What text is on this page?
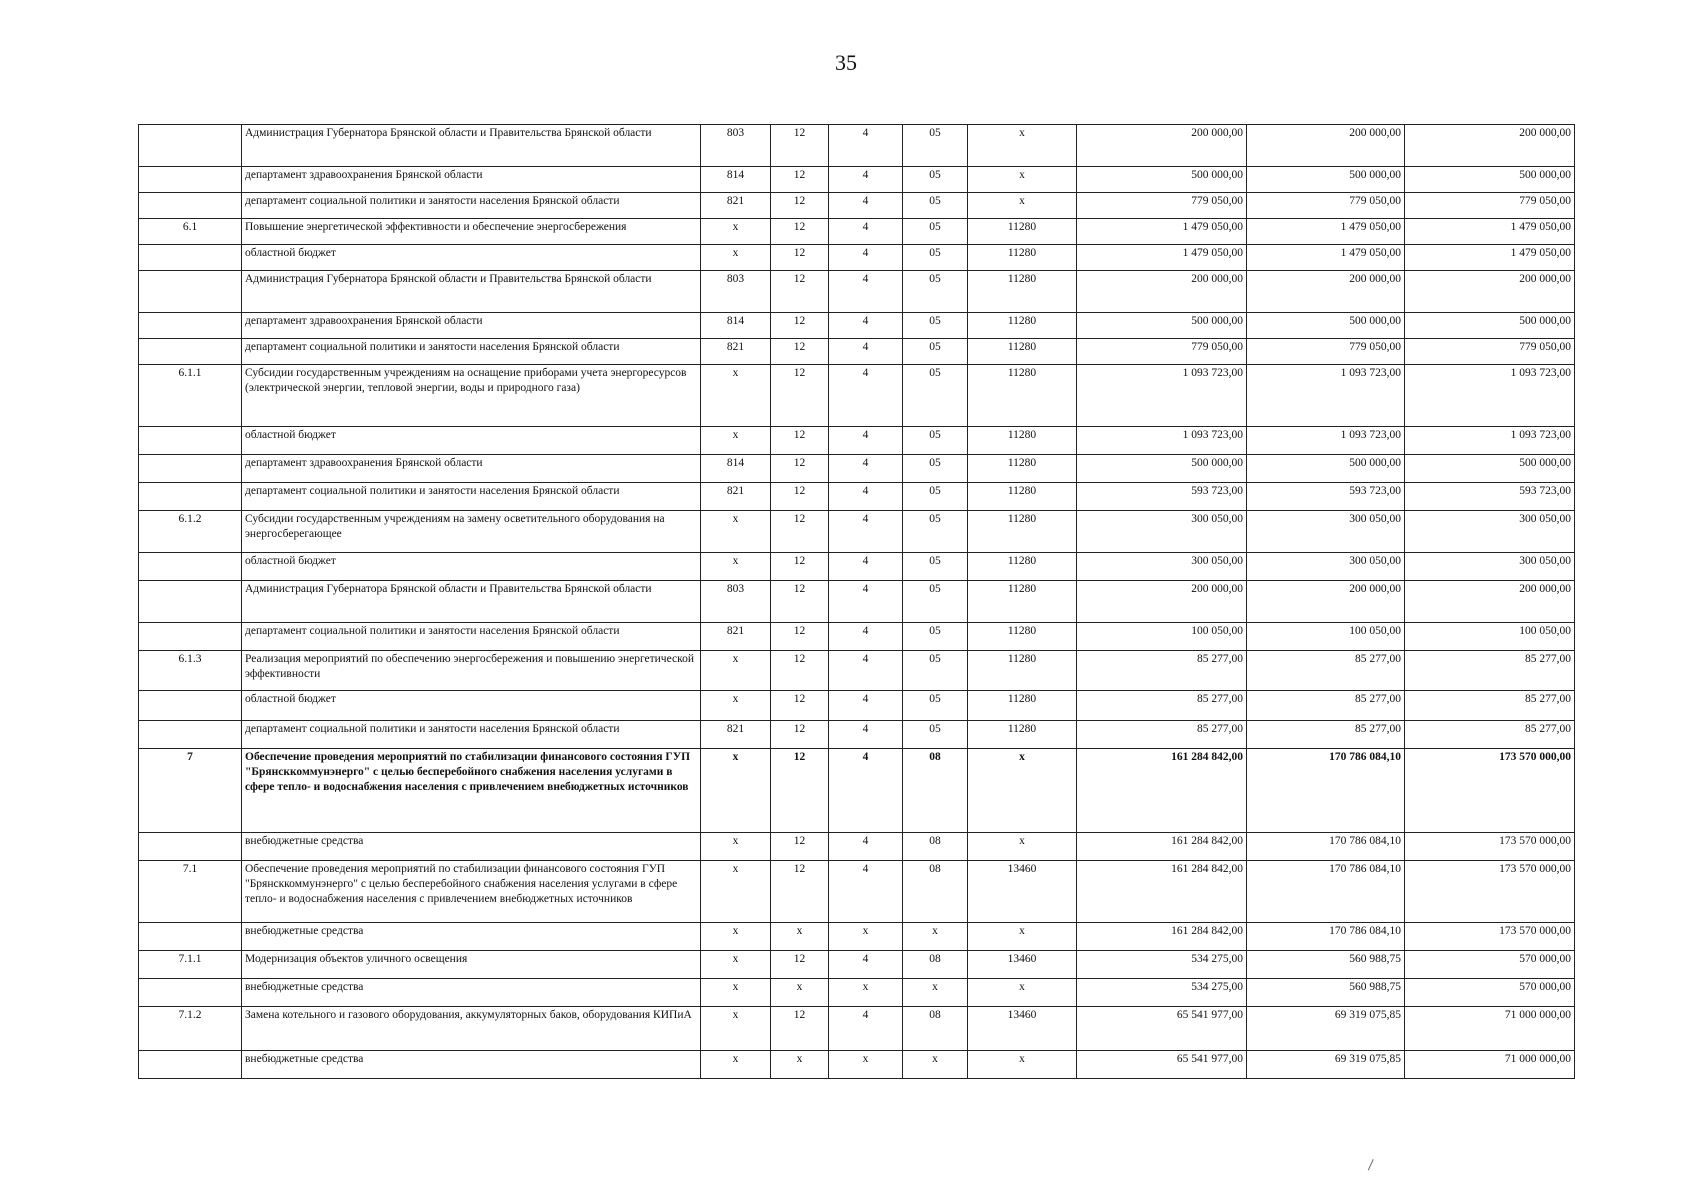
35
	Администрация Губернатора Брянской области и Правительства Брянской области	803	12	4	05	x	200 000,00	200 000,00	200 000,00
	департамент здравоохранения Брянской области	814	12	4	05	x	500 000,00	500 000,00	500 000,00
	департамент социальной политики и занятости населения Брянской области	821	12	4	05	x	779 050,00	779 050,00	779 050,00
6.1	Повышение энергетической эффективности и обеспечение энергосбережения	x	12	4	05	11280	1 479 050,00	1 479 050,00	1 479 050,00
	областной бюджет	x	12	4	05	11280	1 479 050,00	1 479 050,00	1 479 050,00
	Администрация Губернатора Брянской области и Правительства Брянской области	803	12	4	05	11280	200 000,00	200 000,00	200 000,00
	департамент здравоохранения Брянской области	814	12	4	05	11280	500 000,00	500 000,00	500 000,00
	департамент социальной политики и занятости населения Брянской области	821	12	4	05	11280	779 050,00	779 050,00	779 050,00
6.1.1	Субсидии государственным учреждениям на оснащение приборами учета энергоресурсов (электрической энергии, тепловой энергии, воды и природного газа)	x	12	4	05	11280	1 093 723,00	1 093 723,00	1 093 723,00
	областной бюджет	x	12	4	05	11280	1 093 723,00	1 093 723,00	1 093 723,00
	департамент здравоохранения Брянской области	814	12	4	05	11280	500 000,00	500 000,00	500 000,00
	департамент социальной политики и занятости населения Брянской области	821	12	4	05	11280	593 723,00	593 723,00	593 723,00
6.1.2	Субсидии государственным учреждениям на замену осветительного оборудования на энергосберегающее	x	12	4	05	11280	300 050,00	300 050,00	300 050,00
	областной бюджет	x	12	4	05	11280	300 050,00	300 050,00	300 050,00
	Администрация Губернатора Брянской области и Правительства Брянской области	803	12	4	05	11280	200 000,00	200 000,00	200 000,00
	департамент социальной политики и занятости населения Брянской области	821	12	4	05	11280	100 050,00	100 050,00	100 050,00
6.1.3	Реализация мероприятий по обеспечению энергосбережения и повышению энергетической эффективности	x	12	4	05	11280	85 277,00	85 277,00	85 277,00
	областной бюджет	x	12	4	05	11280	85 277,00	85 277,00	85 277,00
	департамент социальной политики и занятости населения Брянской области	821	12	4	05	11280	85 277,00	85 277,00	85 277,00
7	Обеспечение проведения мероприятий по стабилизации финансового состояния ГУП "Брянсккоммунэнерго" с целью бесперебойного снабжения населения услугами в сфере тепло- и водоснабжения населения с привлечением внебюджетных источников	x	12	4	08	x	161 284 842,00	170 786 084,10	173 570 000,00
	внебюджетные средства	x	12	4	08	x	161 284 842,00	170 786 084,10	173 570 000,00
7.1	Обеспечение проведения мероприятий по стабилизации финансового состояния ГУП "Брянсккоммунэнерго" с целью бесперебойного снабжения населения услугами в сфере тепло- и водоснабжения населения с привлечением внебюджетных источников	x	12	4	08	13460	161 284 842,00	170 786 084,10	173 570 000,00
	внебюджетные средства	x	x	x	x	x	161 284 842,00	170 786 084,10	173 570 000,00
7.1.1	Модернизация объектов уличного освещения	x	12	4	08	13460	534 275,00	560 988,75	570 000,00
	внебюджетные средства	x	x	x	x	x	534 275,00	560 988,75	570 000,00
7.1.2	Замена котельного и газового оборудования, аккумуляторных баков, оборудования КИПиА	x	12	4	08	13460	65 541 977,00	69 319 075,85	71 000 000,00
	внебюджетные средства	x	x	x	x	x	65 541 977,00	69 319 075,85	71 000 000,00
